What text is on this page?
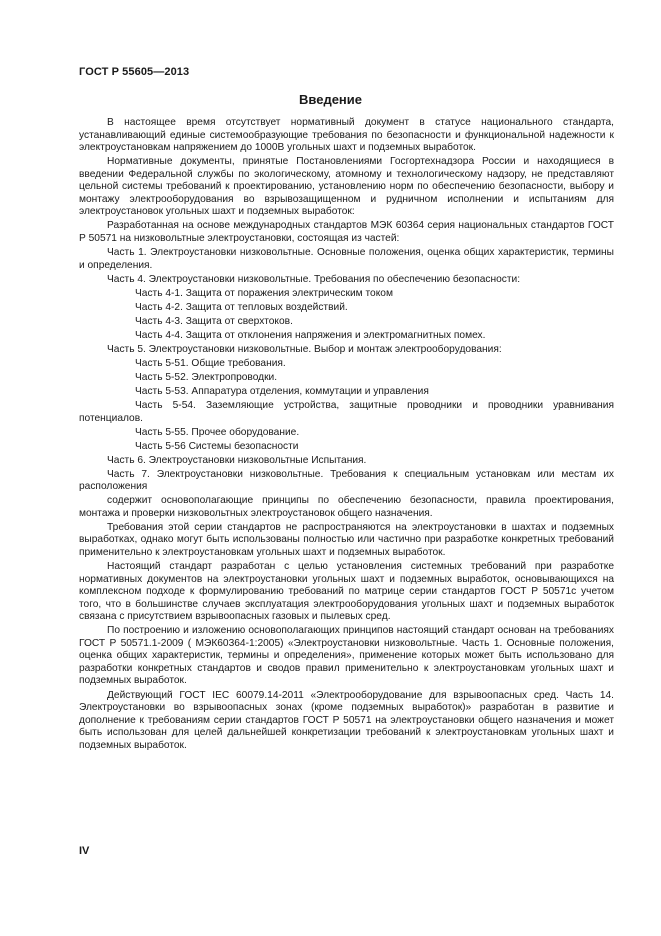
ГОСТ Р 55605—2013
Введение

В настоящее время отсутствует нормативный документ в статусе национального стандарта, устанавливающий единые системообразующие требования по безопасности и функциональной надежности к электроустановкам напряжением до 1000В угольных шахт и подземных выработок.

Нормативные документы, принятые Постановлениями Госгортехнадзора России и находящиеся в введении Федеральной службы по экологическому, атомному и технологическому надзору, не представляют цельной системы требований к проектированию, установлению норм по обеспечению безопасности, выбору и монтажу электрооборудования во взрывозащищенном и рудничном исполнении и испытаниям для электроустановок угольных шахт и подземных выработок:

Разработанная на основе международных стандартов МЭК 60364 серия национальных стандартов ГОСТ Р 50571 на низковольтные электроустановки, состоящая из частей:

Часть 1. Электроустановки низковольтные. Основные положения, оценка общих характеристик, термины и определения.

Часть 4. Электроустановки низковольтные. Требования по обеспечению безопасности:

Часть 4-1. Защита от поражения электрическим током

Часть 4-2. Защита от тепловых воздействий.

Часть 4-3. Защита от сверхтоков.

Часть 4-4. Защита от отклонения напряжения и электромагнитных помех.

Часть 5. Электроустановки низковольтные. Выбор и монтаж электрооборудования:

Часть 5-51. Общие требования.

Часть 5-52. Электропроводки.

Часть 5-53. Аппаратура отделения, коммутации и управления

Часть 5-54. Заземляющие устройства, защитные проводники и проводники уравнивания потенциалов.

Часть 5-55. Прочее оборудование.

Часть 5-56 Системы безопасности

Часть 6. Электроустановки низковольтные Испытания.

Часть 7. Электроустановки низковольтные. Требования к специальным установкам или местам их расположения

содержит основополагающие принципы по обеспечению безопасности, правила проектирования, монтажа и проверки низковольтных электроустановок общего назначения.

Требования этой серии стандартов не распространяются на электроустановки в шахтах и подземных выработках, однако могут быть использованы полностью или частично при разработке конкретных требований применительно к электроустановкам угольных шахт и подземных выработок.

Настоящий стандарт разработан с целью установления системных требований при разработке нормативных документов на электроустановки угольных шахт и подземных выработок, основывающихся на комплексном подходе к формулированию требований по матрице серии стандартов ГОСТ Р 50571с учетом того, что в большинстве случаев эксплуатация электрооборудования угольных шахт и подземных выработок связана с присутствием взрывоопасных газовых и пылевых сред.

По построению и изложению основополагающих принципов настоящий стандарт основан на требованиях ГОСТ Р 50571.1-2009 ( МЭК60364-1:2005) «Электроустановки низковольтные. Часть 1. Основные положения, оценка общих характеристик, термины и определения», применение которых может быть использовано для разработки конкретных стандартов и сводов правил применительно к электроустановкам угольных шахт и подземных выработок.

Действующий ГОСТ IEC 60079.14-2011 «Электрооборудование для взрывоопасных сред. Часть 14. Электроустановки во взрывоопасных зонах (кроме подземных выработок)» разработан в развитие и дополнение к требованиям серии стандартов ГОСТ Р 50571 на электроустановки общего назначения и может быть использован для целей дальнейшей конкретизации требований к электроустановкам угольных шахт и подземных выработок.

IV
